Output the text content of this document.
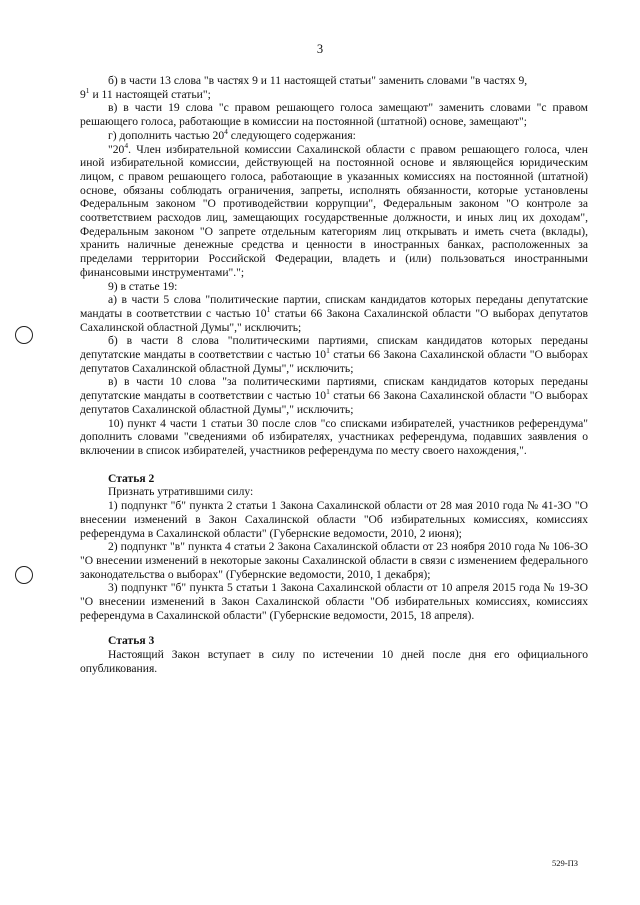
3

б) в части 13 слова "в частях 9 и 11 настоящей статьи" заменить словами "в частях 9,
$9^1$ и 11 настоящей статьи";

в) в части 19 слова "с правом решающего голоса замещают" заменить словами "с правом решающего голоса, работающие в комиссии на постоянной (штатной) основе, замещают";

г) дополнить частью $20^4$ следующего содержания:

"$20^4$. Член избирательной комиссии Сахалинской области с правом решающего голоса, член иной избирательной комиссии, действующей на постоянной основе и являющейся юридическим лицом, с правом решающего голоса, работающие в указанных комиссиях на постоянной (штатной) основе, обязаны соблюдать ограничения, запреты, исполнять обязанности, которые установлены Федеральным законом "О противодействии коррупции", Федеральным законом "О контроле за соответствием расходов лиц, замещающих государственные должности, и иных лиц их доходам", Федеральным законом "О запрете отдельным категориям лиц открывать и иметь счета (вклады), хранить наличные денежные средства и ценности в иностранных банках, расположенных за пределами территории Российской Федерации, владеть и (или) пользоваться иностранными финансовыми инструментами".";

9) в статье 19:

а) в части 5 слова "политические партии, спискам кандидатов которых переданы депутатские мандаты в соответствии с частью $10^1$ статьи 66 Закона Сахалинской области "О выборах депутатов Сахалинской областной Думы"," исключить;

б) в части 8 слова "политическими партиями, спискам кандидатов которых переданы депутатские мандаты в соответствии с частью $10^1$ статьи 66 Закона Сахалинской области "О выборах депутатов Сахалинской областной Думы"," исключить;

в) в части 10 слова "за политическими партиями, спискам кандидатов которых переданы депутатские мандаты в соответствии с частью $10^1$ статьи 66 Закона Сахалинской области "О выборах депутатов Сахалинской областной Думы"," исключить;

10) пункт 4 части 1 статьи 30 после слов "со списками избирателей, участников референдума" дополнить словами "сведениями об избирателях, участниках референдума, подавших заявления о включении в список избирателей, участников референдума по месту своего нахождения,".

Статья 2

Признать утратившими силу:

1) подпункт "б" пункта 2 статьи 1 Закона Сахалинской области от 28 мая 2010 года № 41-ЗО "О внесении изменений в Закон Сахалинской области "Об избирательных комиссиях, комиссиях референдума в Сахалинской области" (Губернские ведомости, 2010, 2 июня);

2) подпункт "в" пункта 4 статьи 2 Закона Сахалинской области от 23 ноября 2010 года № 106-ЗО "О внесении изменений в некоторые законы Сахалинской области в связи с изменением федерального законодательства о выборах" (Губернские ведомости, 2010, 1 декабря);

3) подпункт "б" пункта 5 статьи 1 Закона Сахалинской области от 10 апреля 2015 года № 19-ЗО "О внесении изменений в Закон Сахалинской области "Об избирательных комиссиях, комиссиях референдума в Сахалинской области" (Губернские ведомости, 2015, 18 апреля).

Статья 3

Настоящий Закон вступает в силу по истечении 10 дней после дня его официального опубликования.

529-ПЗ
